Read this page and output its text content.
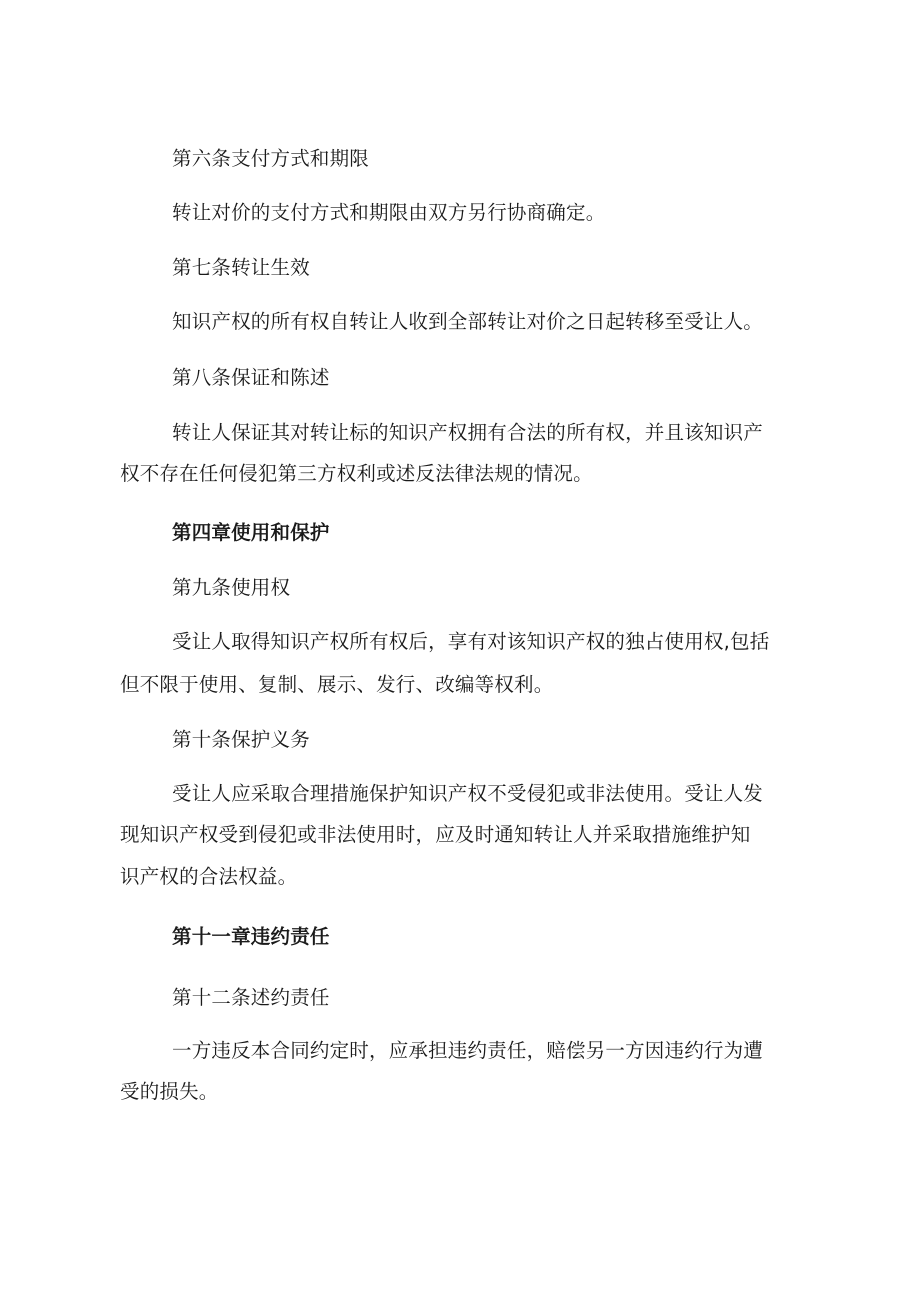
第六条支付方式和期限
转让对价的支付方式和期限由双方另行协商确定。
第七条转让生效
知识产权的所有权自转让人收到全部转让对价之日起转移至受让人。
第八条保证和陈述
转让人保证其对转让标的知识产权拥有合法的所有权，并且该知识产
权不存在任何侵犯第三方权利或述反法律法规的情况。
第四章使用和保护
第九条使用权
受让人取得知识产权所有权后，享有对该知识产权的独占使用权,包括
但不限于使用、复制、展示、发行、改编等权利。
第十条保护义务
受让人应采取合理措施保护知识产权不受侵犯或非法使用。受让人发
现知识产权受到侵犯或非法使用时，应及时通知转让人并采取措施维护知
识产权的合法权益。
第十一章违约责任
第十二条述约责任
一方违反本合同约定时，应承担违约责任，赔偿另一方因违约行为遭
受的损失。
